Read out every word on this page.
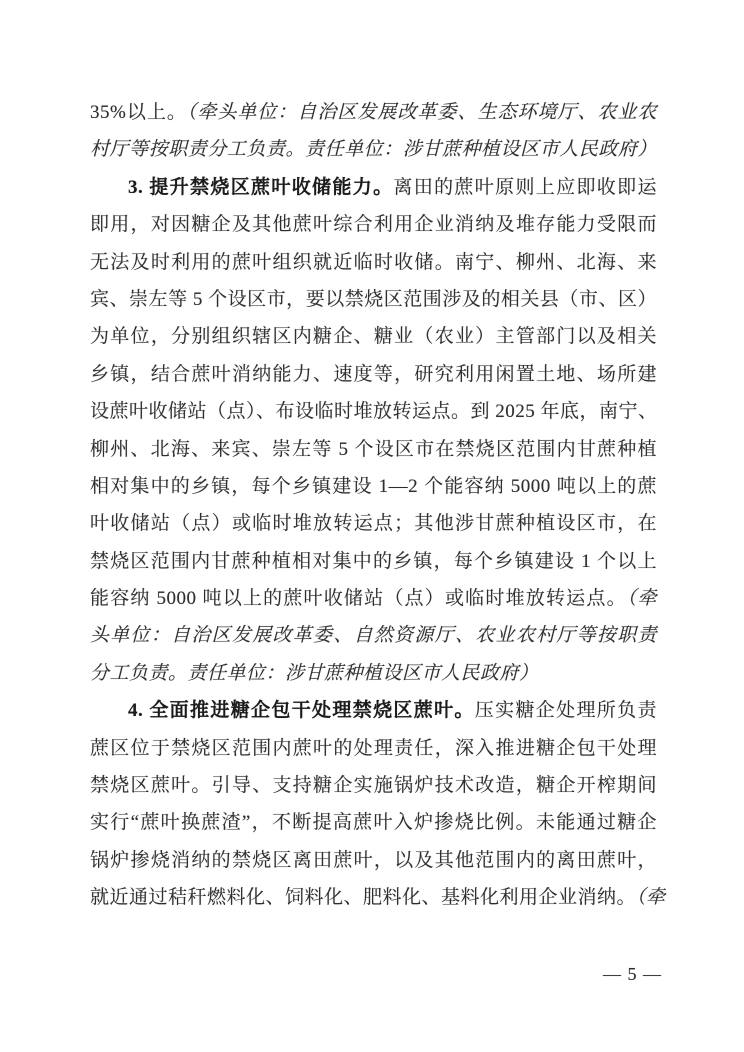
35%以上。（牵头单位：自治区发展改革委、生态环境厅、农业农
村厅等按职责分工负责。责任单位：涉甘蔗种植设区市人民政府）
3. 提升禁烧区蔗叶收储能力。离田的蔗叶原则上应即收即运
即用，对因糖企及其他蔗叶综合利用企业消纳及堆存能力受限而
无法及时利用的蔗叶组织就近临时收储。南宁、柳州、北海、来
宾、崇左等 5 个设区市，要以禁烧区范围涉及的相关县（市、区）
为单位，分别组织辖区内糖企、糖业（农业）主管部门以及相关
乡镇，结合蔗叶消纳能力、速度等，研究利用闲置土地、场所建
设蔗叶收储站（点）、布设临时堆放转运点。到 2025 年底，南宁、
柳州、北海、来宾、崇左等 5 个设区市在禁烧区范围内甘蔗种植
相对集中的乡镇，每个乡镇建设 1—2 个能容纳 5000 吨以上的蔗
叶收储站（点）或临时堆放转运点；其他涉甘蔗种植设区市，在
禁烧区范围内甘蔗种植相对集中的乡镇，每个乡镇建设 1 个以上
能容纳 5000 吨以上的蔗叶收储站（点）或临时堆放转运点。（牵
头单位：自治区发展改革委、自然资源厅、农业农村厅等按职责
分工负责。责任单位：涉甘蔗种植设区市人民政府）
4. 全面推进糖企包干处理禁烧区蔗叶。压实糖企处理所负责
蔗区位于禁烧区范围内蔗叶的处理责任，深入推进糖企包干处理
禁烧区蔗叶。引导、支持糖企实施锅炉技术改造，糖企开榨期间
实行“蔗叶换蔗渣”，不断提高蔗叶入炉掺烧比例。未能通过糖企
锅炉掺烧消纳的禁烧区离田蔗叶，以及其他范围内的离田蔗叶，
就近通过秸秆燃料化、饲料化、肥料化、基料化利用企业消纳。（牵
— 5 —
